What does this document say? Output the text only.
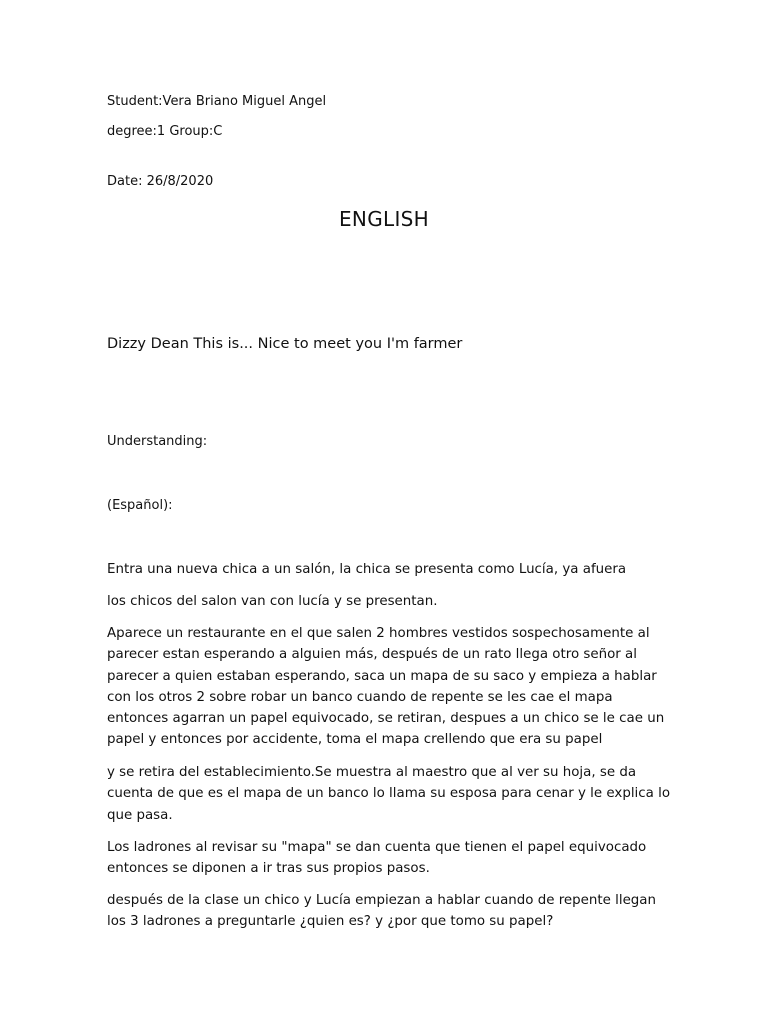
Student:Vera Briano Miguel Angel
degree:1 Group:C
Date: 26/8/2020
ENGLISH
Dizzy Dean This is... Nice to meet you I'm farmer
Understanding:
(Español):
Entra una nueva chica a un salón, la chica se presenta como Lucía, ya afuera
los chicos del salon van con lucía y se presentan.
Aparece un restaurante en el que salen 2 hombres vestidos sospechosamente al
parecer estan esperando a alguien más, después de un rato llega otro señor al
parecer a quien estaban esperando, saca un mapa de su saco y empieza a hablar
con los otros 2 sobre robar un banco cuando de repente se les cae el mapa
entonces agarran un papel equivocado, se retiran, despues a un chico se le cae un
papel y entonces por accidente, toma el mapa crellendo que era su papel
y se retira del establecimiento.Se muestra al maestro que al ver su hoja, se da
cuenta de que es el mapa de un banco lo llama su esposa para cenar y le explica lo
que pasa.
Los ladrones al revisar su "mapa" se dan cuenta que tienen el papel equivocado
entonces se diponen a ir tras sus propios pasos.
después de la clase un chico y Lucía empiezan a hablar cuando de repente llegan
los 3 ladrones a preguntarle ¿quien es? y ¿por que tomo su papel?
